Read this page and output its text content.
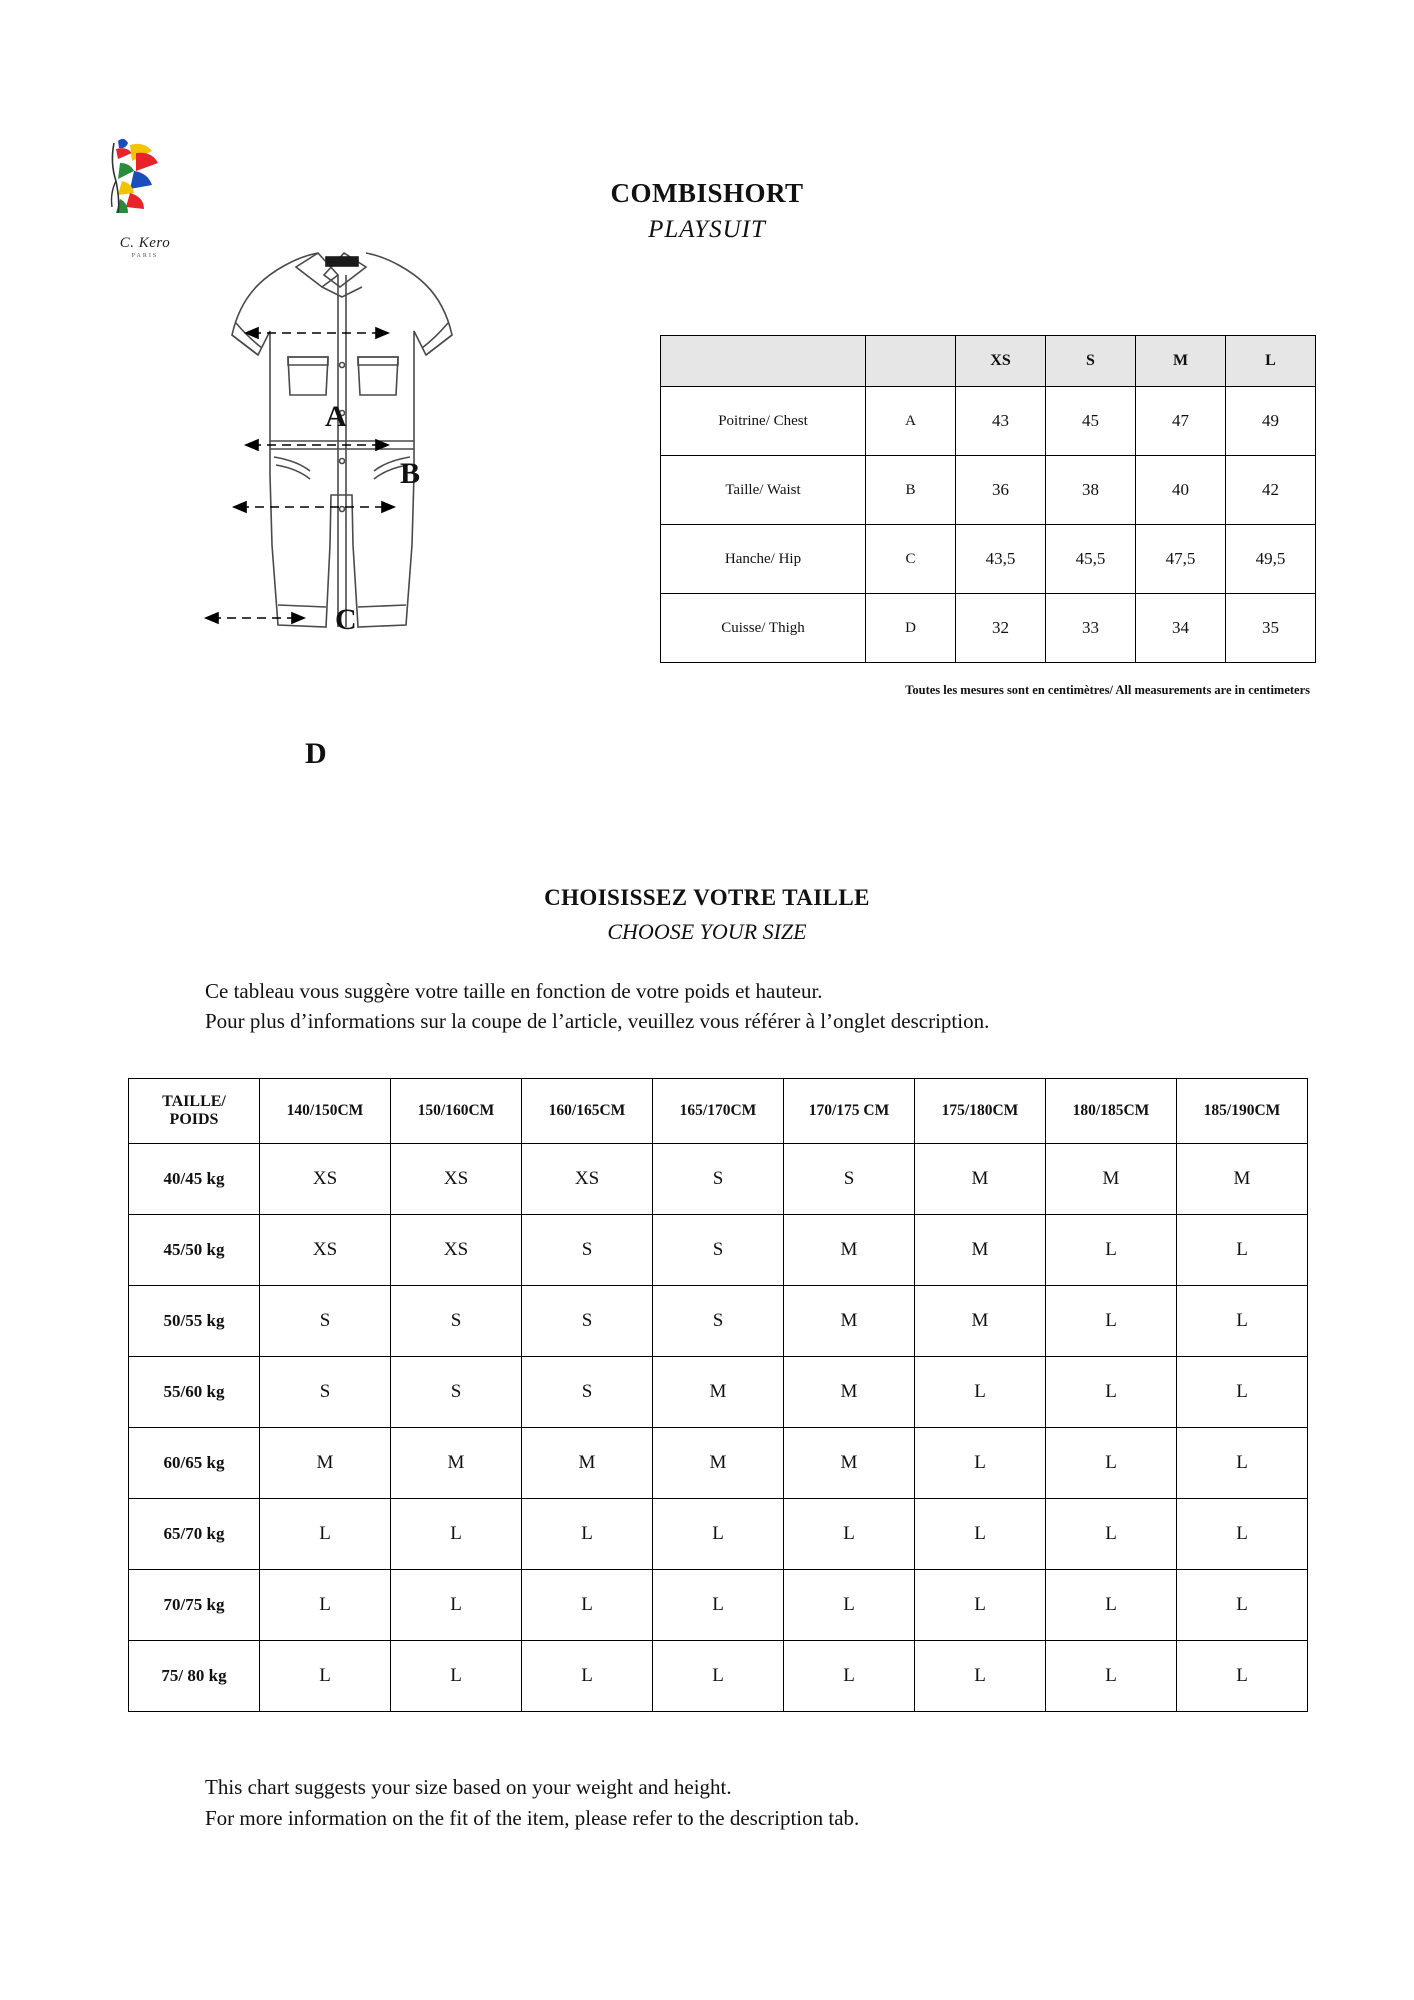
C. Kero
PARIS
COMBISHORT
PLAYSUIT
A
B
C
D
		XS	S	M	L
Poitrine/ Chest	A	43	45	47	49
Taille/ Waist	B	36	38	40	42
Hanche/ Hip	C	43,5	45,5	47,5	49,5
Cuisse/ Thigh	D	32	33	34	35
Toutes les mesures sont en centimètres/ All measurements are in centimeters
CHOISISSEZ VOTRE TAILLE
CHOOSE YOUR SIZE
Ce tableau vous suggère votre taille en fonction de votre poids et hauteur.
Pour plus d’informations sur la coupe de l’article, veuillez vous référer à l’onglet description.
TAILLE/
POIDS	140/150CM	150/160CM	160/165CM	165/170CM	170/175 CM	175/180CM	180/185CM	185/190CM
40/45 kg	XS	XS	XS	S	S	M	M	M
45/50 kg	XS	XS	S	S	M	M	L	L
50/55 kg	S	S	S	S	M	M	L	L
55/60 kg	S	S	S	M	M	L	L	L
60/65 kg	M	M	M	M	M	L	L	L
65/70 kg	L	L	L	L	L	L	L	L
70/75 kg	L	L	L	L	L	L	L	L
75/ 80 kg	L	L	L	L	L	L	L	L
This chart suggests your size based on your weight and height.
For more information on the fit of the item, please refer to the description tab.
